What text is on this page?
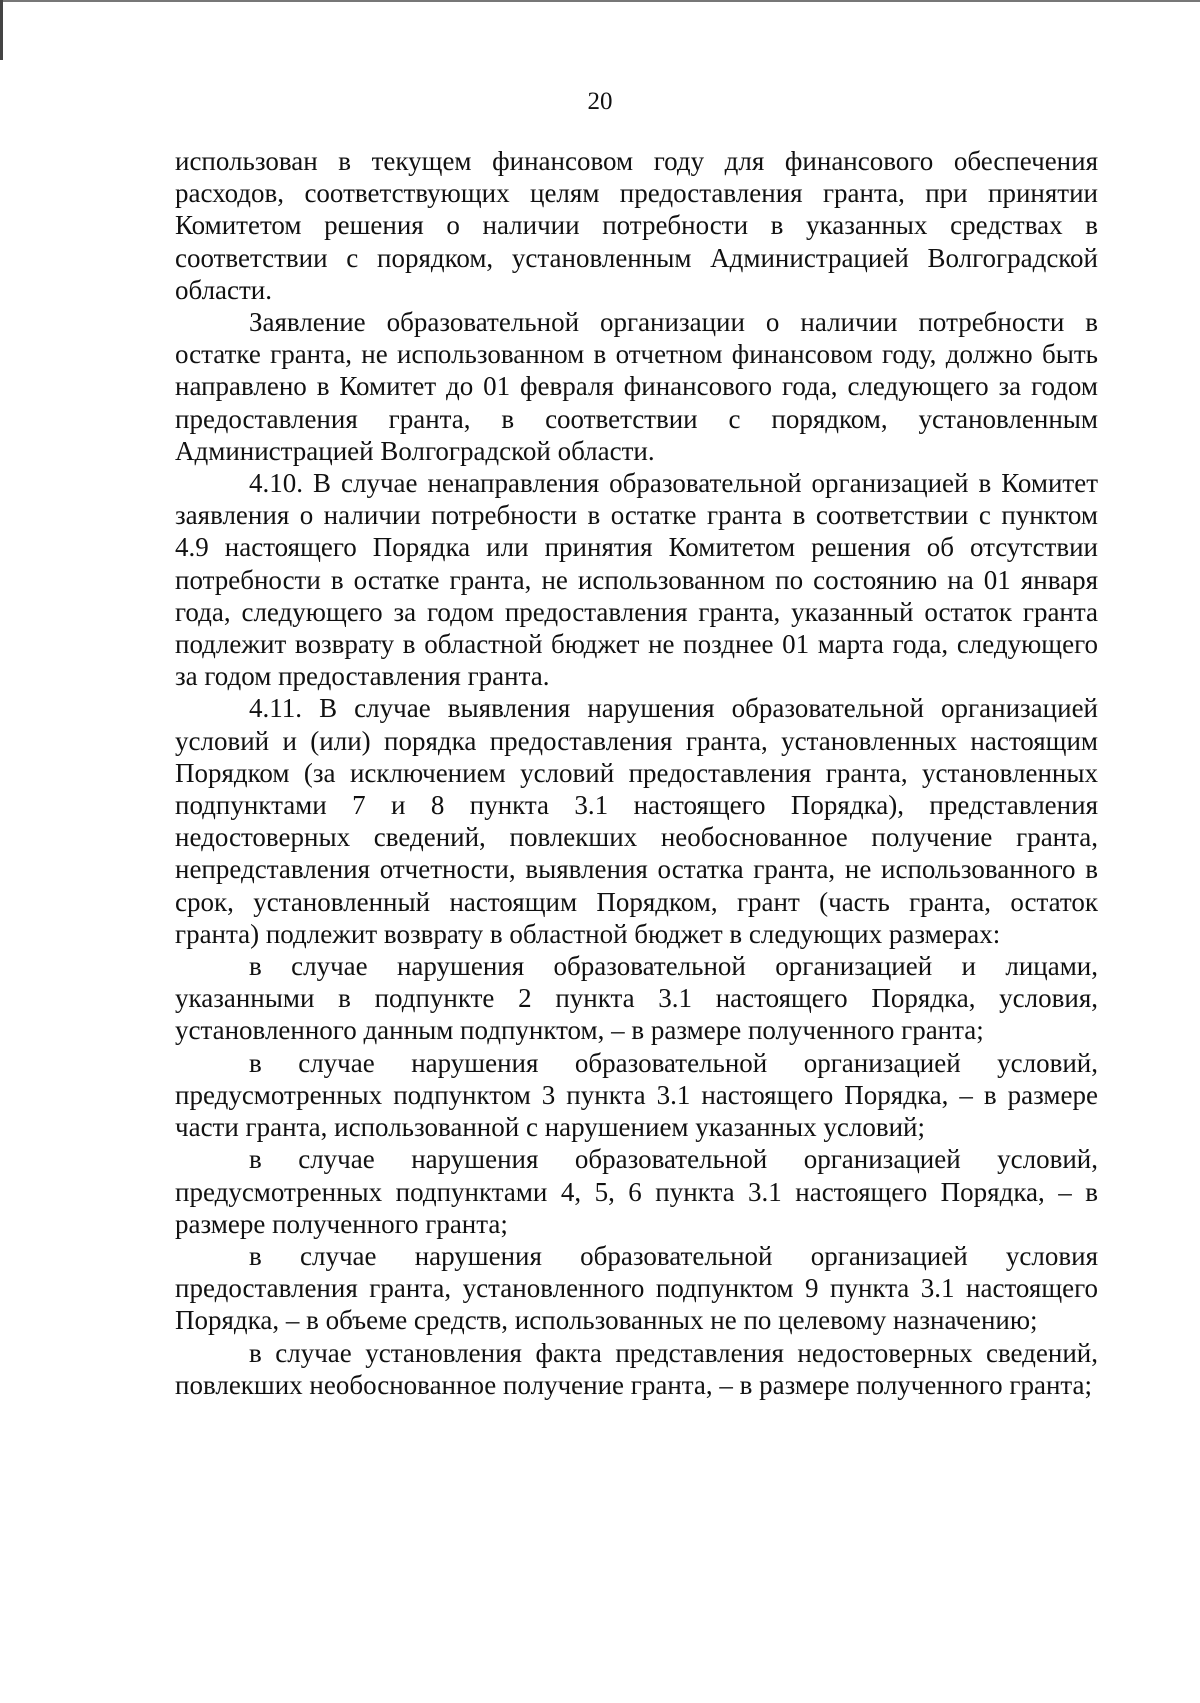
20

использован в текущем финансовом году для финансового обеспечения расходов, соответствующих целям предоставления гранта, при принятии Комитетом решения о наличии потребности в указанных средствах в соответствии с порядком, установленным Администрацией Волгоградской области.

Заявление образовательной организации о наличии потребности в остатке гранта, не использованном в отчетном финансовом году, должно быть направлено в Комитет до 01 февраля финансового года, следующего за годом предоставления гранта, в соответствии с порядком, установленным Администрацией Волгоградской области.

4.10. В случае ненаправления образовательной организацией в Комитет заявления о наличии потребности в остатке гранта в соответствии с пунктом 4.9 настоящего Порядка или принятия Комитетом решения об отсутствии потребности в остатке гранта, не использованном по состоянию на 01 января года, следующего за годом предоставления гранта, указанный остаток гранта подлежит возврату в областной бюджет не позднее 01 марта года, следующего за годом предоставления гранта.

4.11. В случае выявления нарушения образовательной организацией условий и (или) порядка предоставления гранта, установленных настоящим Порядком (за исключением условий предоставления гранта, установленных подпунктами 7 и 8 пункта 3.1 настоящего Порядка), представления недостоверных сведений, повлекших необоснованное получение гранта, непредставления отчетности, выявления остатка гранта, не использованного в срок, установленный настоящим Порядком, грант (часть гранта, остаток гранта) подлежит возврату в областной бюджет в следующих размерах:

в случае нарушения образовательной организацией и лицами, указанными в подпункте 2 пункта 3.1 настоящего Порядка, условия, установленного данным подпунктом, – в размере полученного гранта;

в случае нарушения образовательной организацией условий, предусмотренных подпунктом 3 пункта 3.1 настоящего Порядка, – в размере части гранта, использованной с нарушением указанных условий;

в случае нарушения образовательной организацией условий, предусмотренных подпунктами 4, 5, 6 пункта 3.1 настоящего Порядка, – в размере полученного гранта;

в случае нарушения образовательной организацией условия предоставления гранта, установленного подпунктом 9 пункта 3.1 настоящего Порядка, – в объеме средств, использованных не по целевому назначению;

в случае установления факта представления недостоверных сведений, повлекших необоснованное получение гранта, – в размере полученного гранта;
